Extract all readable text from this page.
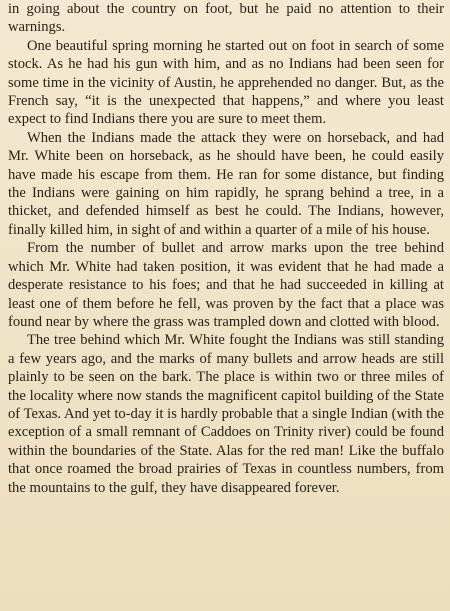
in going about the country on foot, but he paid no attention to their warnings.

One beautiful spring morning he started out on foot in search of some stock. As he had his gun with him, and as no Indians had been seen for some time in the vicinity of Austin, he apprehended no danger. But, as the French say, “it is the unexpected that happens,” and where you least expect to find Indians there you are sure to meet them.

When the Indians made the attack they were on horseback, and had Mr. White been on horseback, as he should have been, he could easily have made his escape from them. He ran for some distance, but finding the Indians were gaining on him rapidly, he sprang behind a tree, in a thicket, and defended himself as best he could. The Indians, however, finally killed him, in sight of and within a quarter of a mile of his house.

From the number of bullet and arrow marks upon the tree behind which Mr. White had taken position, it was evident that he had made a desperate resistance to his foes; and that he had succeeded in killing at least one of them before he fell, was proven by the fact that a place was found near by where the grass was trampled down and clotted with blood.

The tree behind which Mr. White fought the Indians was still standing a few years ago, and the marks of many bullets and arrow heads are still plainly to be seen on the bark. The place is within two or three miles of the locality where now stands the magnificent capitol building of the State of Texas. And yet to-day it is hardly probable that a single Indian (with the exception of a small remnant of Caddoes on Trinity river) could be found within the boundaries of the State. Alas for the red man! Like the buffalo that once roamed the broad prairies of Texas in countless numbers, from the mountains to the gulf, they have disappeared forever.
